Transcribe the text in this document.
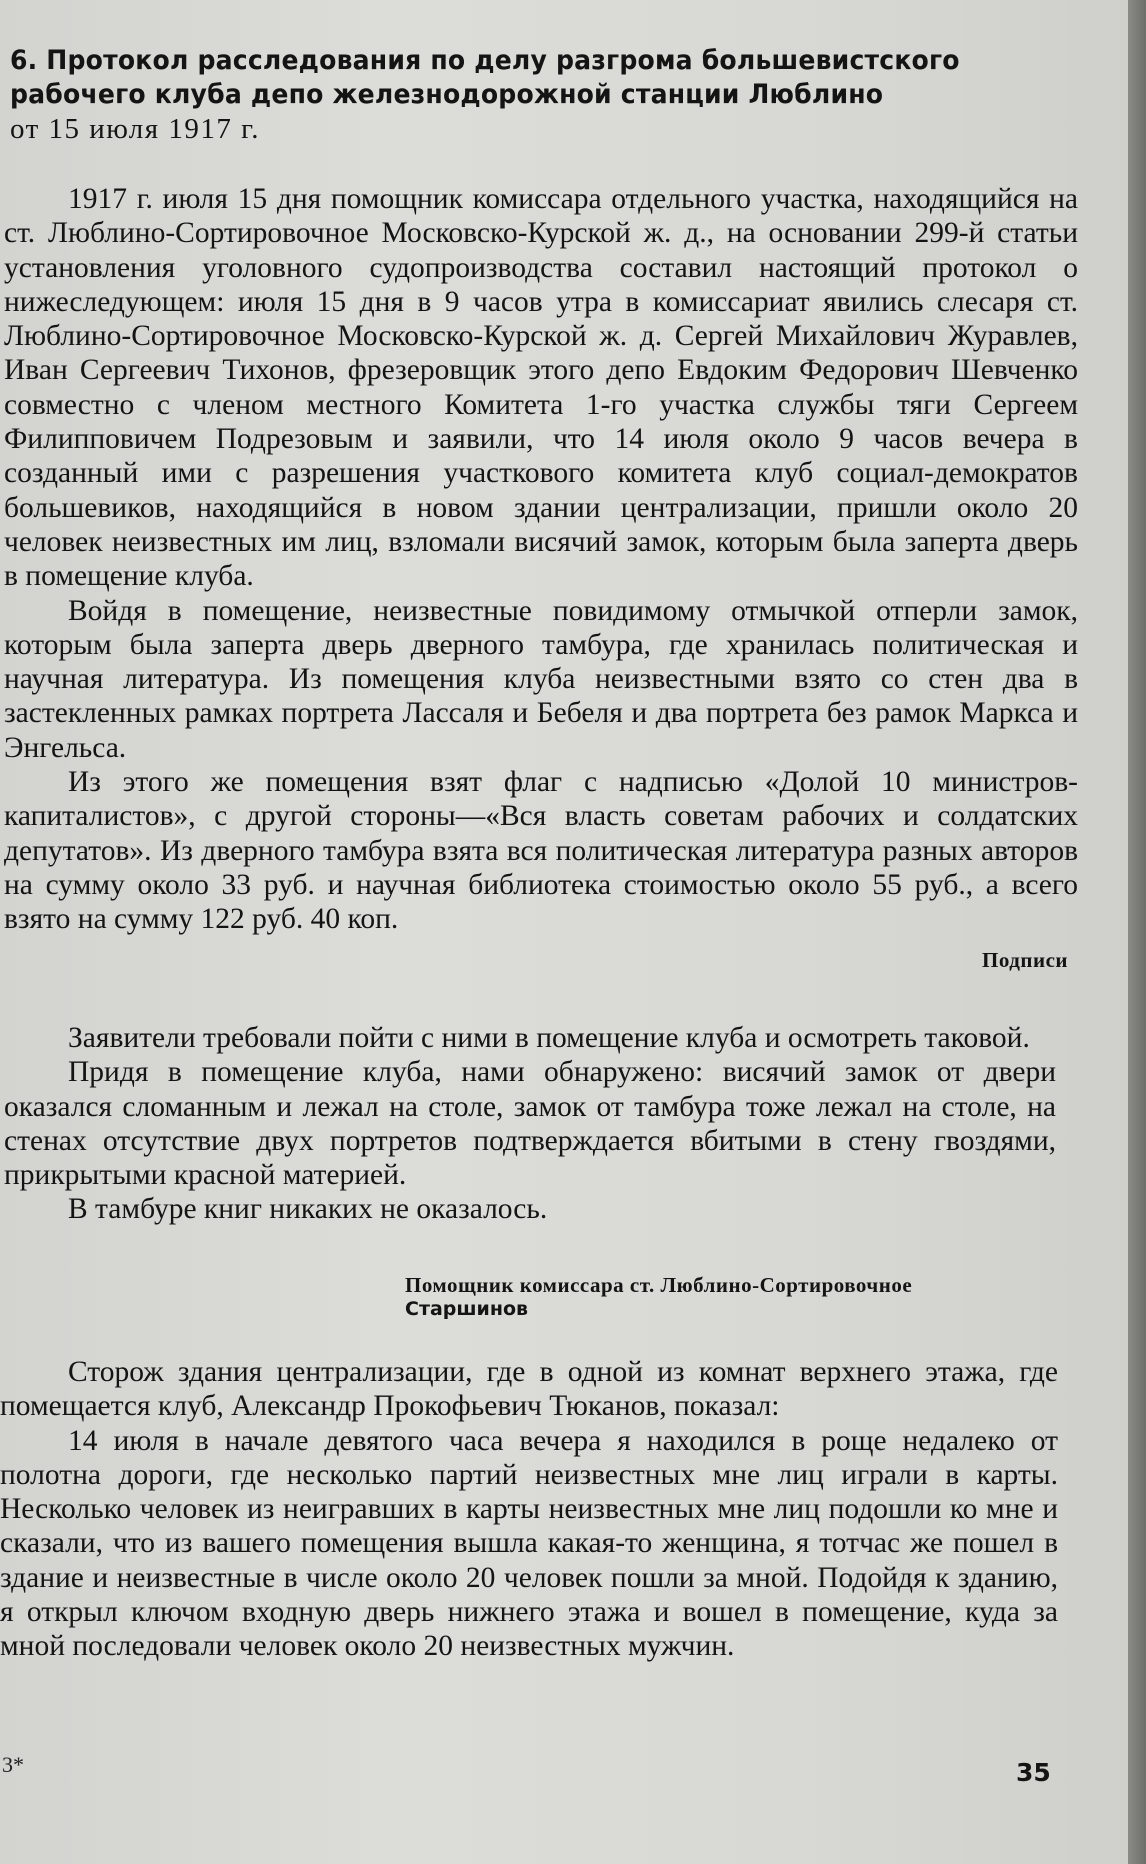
6. Протокол расследования по делу разгрома большевистского
рабочего клуба депо железнодорожной станции Люблино
от 15 июля 1917 г.

1917 г. июля 15 дня помощник комиссара отдельного участка, находящийся на ст. Люблино-Сортировочное Московско-Курской ж. д., на основании 299-й статьи установления уголовного судопроизводства составил настоящий протокол о нижеследующем: июля 15 дня в 9 часов утра в комиссариат явились слесаря ст. Люблино-Сортировочное Московско-Курской ж. д. Сергей Михайлович Журавлев, Иван Сергеевич Тихонов, фрезеровщик этого депо Евдоким Федорович Шевченко совместно с членом местного Комитета 1-го участка службы тяги Сергеем Филипповичем Подрезовым и заявили, что 14 июля около 9 часов вечера в созданный ими с разрешения участкового комитета клуб социал-демократов большевиков, находящийся в новом здании централизации, пришли около 20 человек неизвестных им лиц, взломали висячий замок, которым была заперта дверь в помещение клуба.

Войдя в помещение, неизвестные повидимому отмычкой отперли замок, которым была заперта дверь дверного тамбура, где хранилась политическая и научная литература. Из помещения клуба неизвестными взято со стен два в застекленных рамках портрета Лассаля и Бебеля и два портрета без рамок Маркса и Энгельса.

Из этого же помещения взят флаг с надписью «Долой 10 министров-капиталистов», с другой стороны—«Вся власть советам рабочих и солдатских депутатов». Из дверного тамбура взята вся политическая литература разных авторов на сумму около 33 руб. и научная библиотека стоимостью около 55 руб., а всего взято на сумму 122 руб. 40 коп.

Подписи

Заявители требовали пойти с ними в помещение клуба и осмотреть таковой.

Придя в помещение клуба, нами обнаружено: висячий замок от двери оказался сломанным и лежал на столе, замок от тамбура тоже лежал на столе, на стенах отсутствие двух портретов подтверждается вбитыми в стену гвоздями, прикрытыми красной материей.

В тамбуре книг никаких не оказалось.

Помощник комиссара ст. Люблино-Сортировочное
Старшинов

Сторож здания централизации, где в одной из комнат верхнего этажа, где помещается клуб, Александр Прокофьевич Тюканов, показал:

14 июля в начале девятого часа вечера я находился в роще недалеко от полотна дороги, где несколько партий неизвестных мне лиц играли в карты. Несколько человек из неигравших в карты неизвестных мне лиц подошли ко мне и сказали, что из вашего помещения вышла какая-то женщина, я тотчас же пошел в здание и неизвестные в числе около 20 человек пошли за мной. Подойдя к зданию, я открыл ключом входную дверь нижнего этажа и вошел в помещение, куда за мной последовали человек около 20 неизвестных мужчин.

3*	35
